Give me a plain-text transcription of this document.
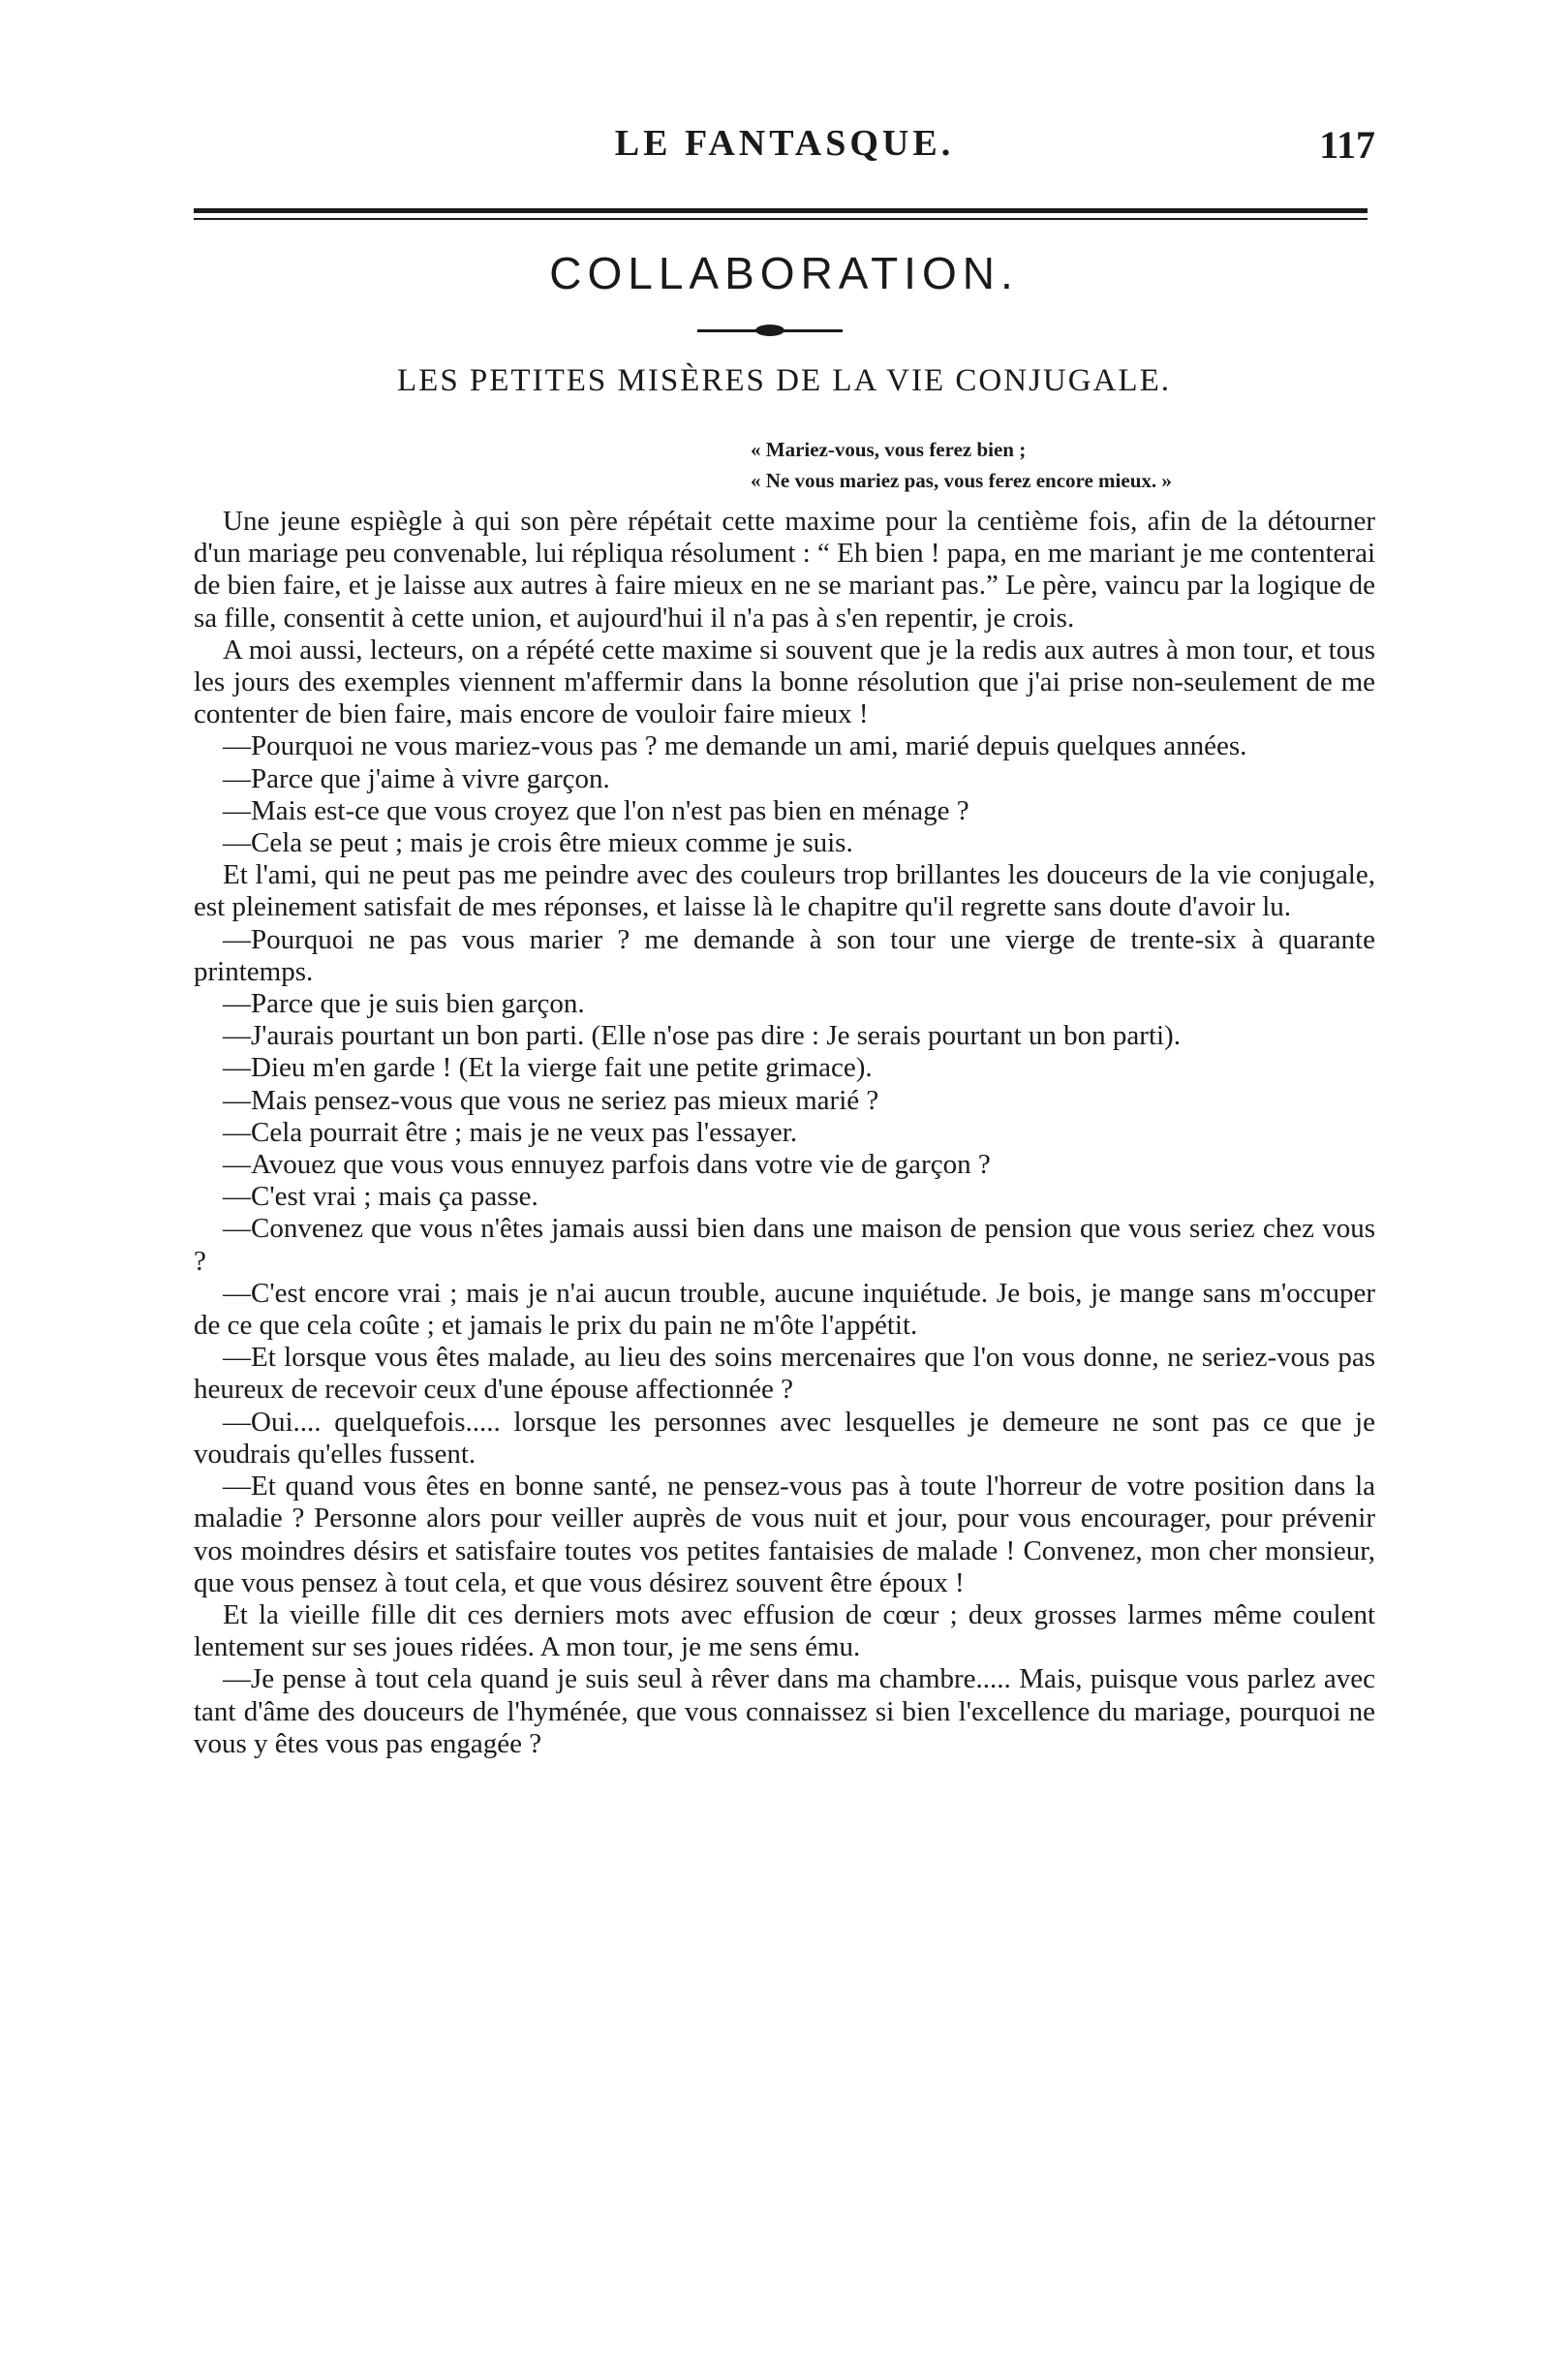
LE FANTASQUE.	117
COLLABORATION.
LES PETITES MISÈRES DE LA VIE CONJUGALE.
« Mariez-vous, vous ferez bien ;
« Ne vous mariez pas, vous ferez encore mieux. »

Une jeune espiègle à qui son père répétait cette maxime pour la centième fois, afin de la détourner d'un mariage peu convenable, lui répliqua résolument : “ Eh bien ! papa, en me mariant je me contenterai de bien faire, et je laisse aux autres à faire mieux en ne se mariant pas.” Le père, vaincu par la logique de sa fille, consentit à cette union, et aujourd'hui il n'a pas à s'en repentir, je crois.

A moi aussi, lecteurs, on a répété cette maxime si souvent que je la redis aux autres à mon tour, et tous les jours des exemples viennent m'affermir dans la bonne résolution que j'ai prise non-seulement de me contenter de bien faire, mais encore de vouloir faire mieux !

—Pourquoi ne vous mariez-vous pas ? me demande un ami, marié depuis quelques années.

—Parce que j'aime à vivre garçon.

—Mais est-ce que vous croyez que l'on n'est pas bien en ménage ?

—Cela se peut ; mais je crois être mieux comme je suis.

Et l'ami, qui ne peut pas me peindre avec des couleurs trop brillantes les douceurs de la vie conjugale, est pleinement satisfait de mes réponses, et laisse là le chapitre qu'il regrette sans doute d'avoir lu.

—Pourquoi ne pas vous marier ? me demande à son tour une vierge de trente-six à quarante printemps.

—Parce que je suis bien garçon.

—J'aurais pourtant un bon parti. (Elle n'ose pas dire : Je serais pourtant un bon parti).

—Dieu m'en garde ! (Et la vierge fait une petite grimace).

—Mais pensez-vous que vous ne seriez pas mieux marié ?

—Cela pourrait être ; mais je ne veux pas l'essayer.

—Avouez que vous vous ennuyez parfois dans votre vie de garçon ?

—C'est vrai ; mais ça passe.

—Convenez que vous n'êtes jamais aussi bien dans une maison de pension que vous seriez chez vous ?

—C'est encore vrai ; mais je n'ai aucun trouble, aucune inquiétude. Je bois, je mange sans m'occuper de ce que cela coûte ; et jamais le prix du pain ne m'ôte l'appétit.

—Et lorsque vous êtes malade, au lieu des soins mercenaires que l'on vous donne, ne seriez-vous pas heureux de recevoir ceux d'une épouse affectionnée ?

—Oui.... quelquefois..... lorsque les personnes avec lesquelles je demeure ne sont pas ce que je voudrais qu'elles fussent.

—Et quand vous êtes en bonne santé, ne pensez-vous pas à toute l'horreur de votre position dans la maladie ? Personne alors pour veiller auprès de vous nuit et jour, pour vous encourager, pour prévenir vos moindres désirs et satisfaire toutes vos petites fantaisies de malade ! Convenez, mon cher monsieur, que vous pensez à tout cela, et que vous désirez souvent être époux !

Et la vieille fille dit ces derniers mots avec effusion de cœur ; deux grosses larmes même coulent lentement sur ses joues ridées. A mon tour, je me sens ému.

—Je pense à tout cela quand je suis seul à rêver dans ma chambre..... Mais, puisque vous parlez avec tant d'âme des douceurs de l'hyménée, que vous connaissez si bien l'excellence du mariage, pourquoi ne vous y êtes vous pas engagée ?
